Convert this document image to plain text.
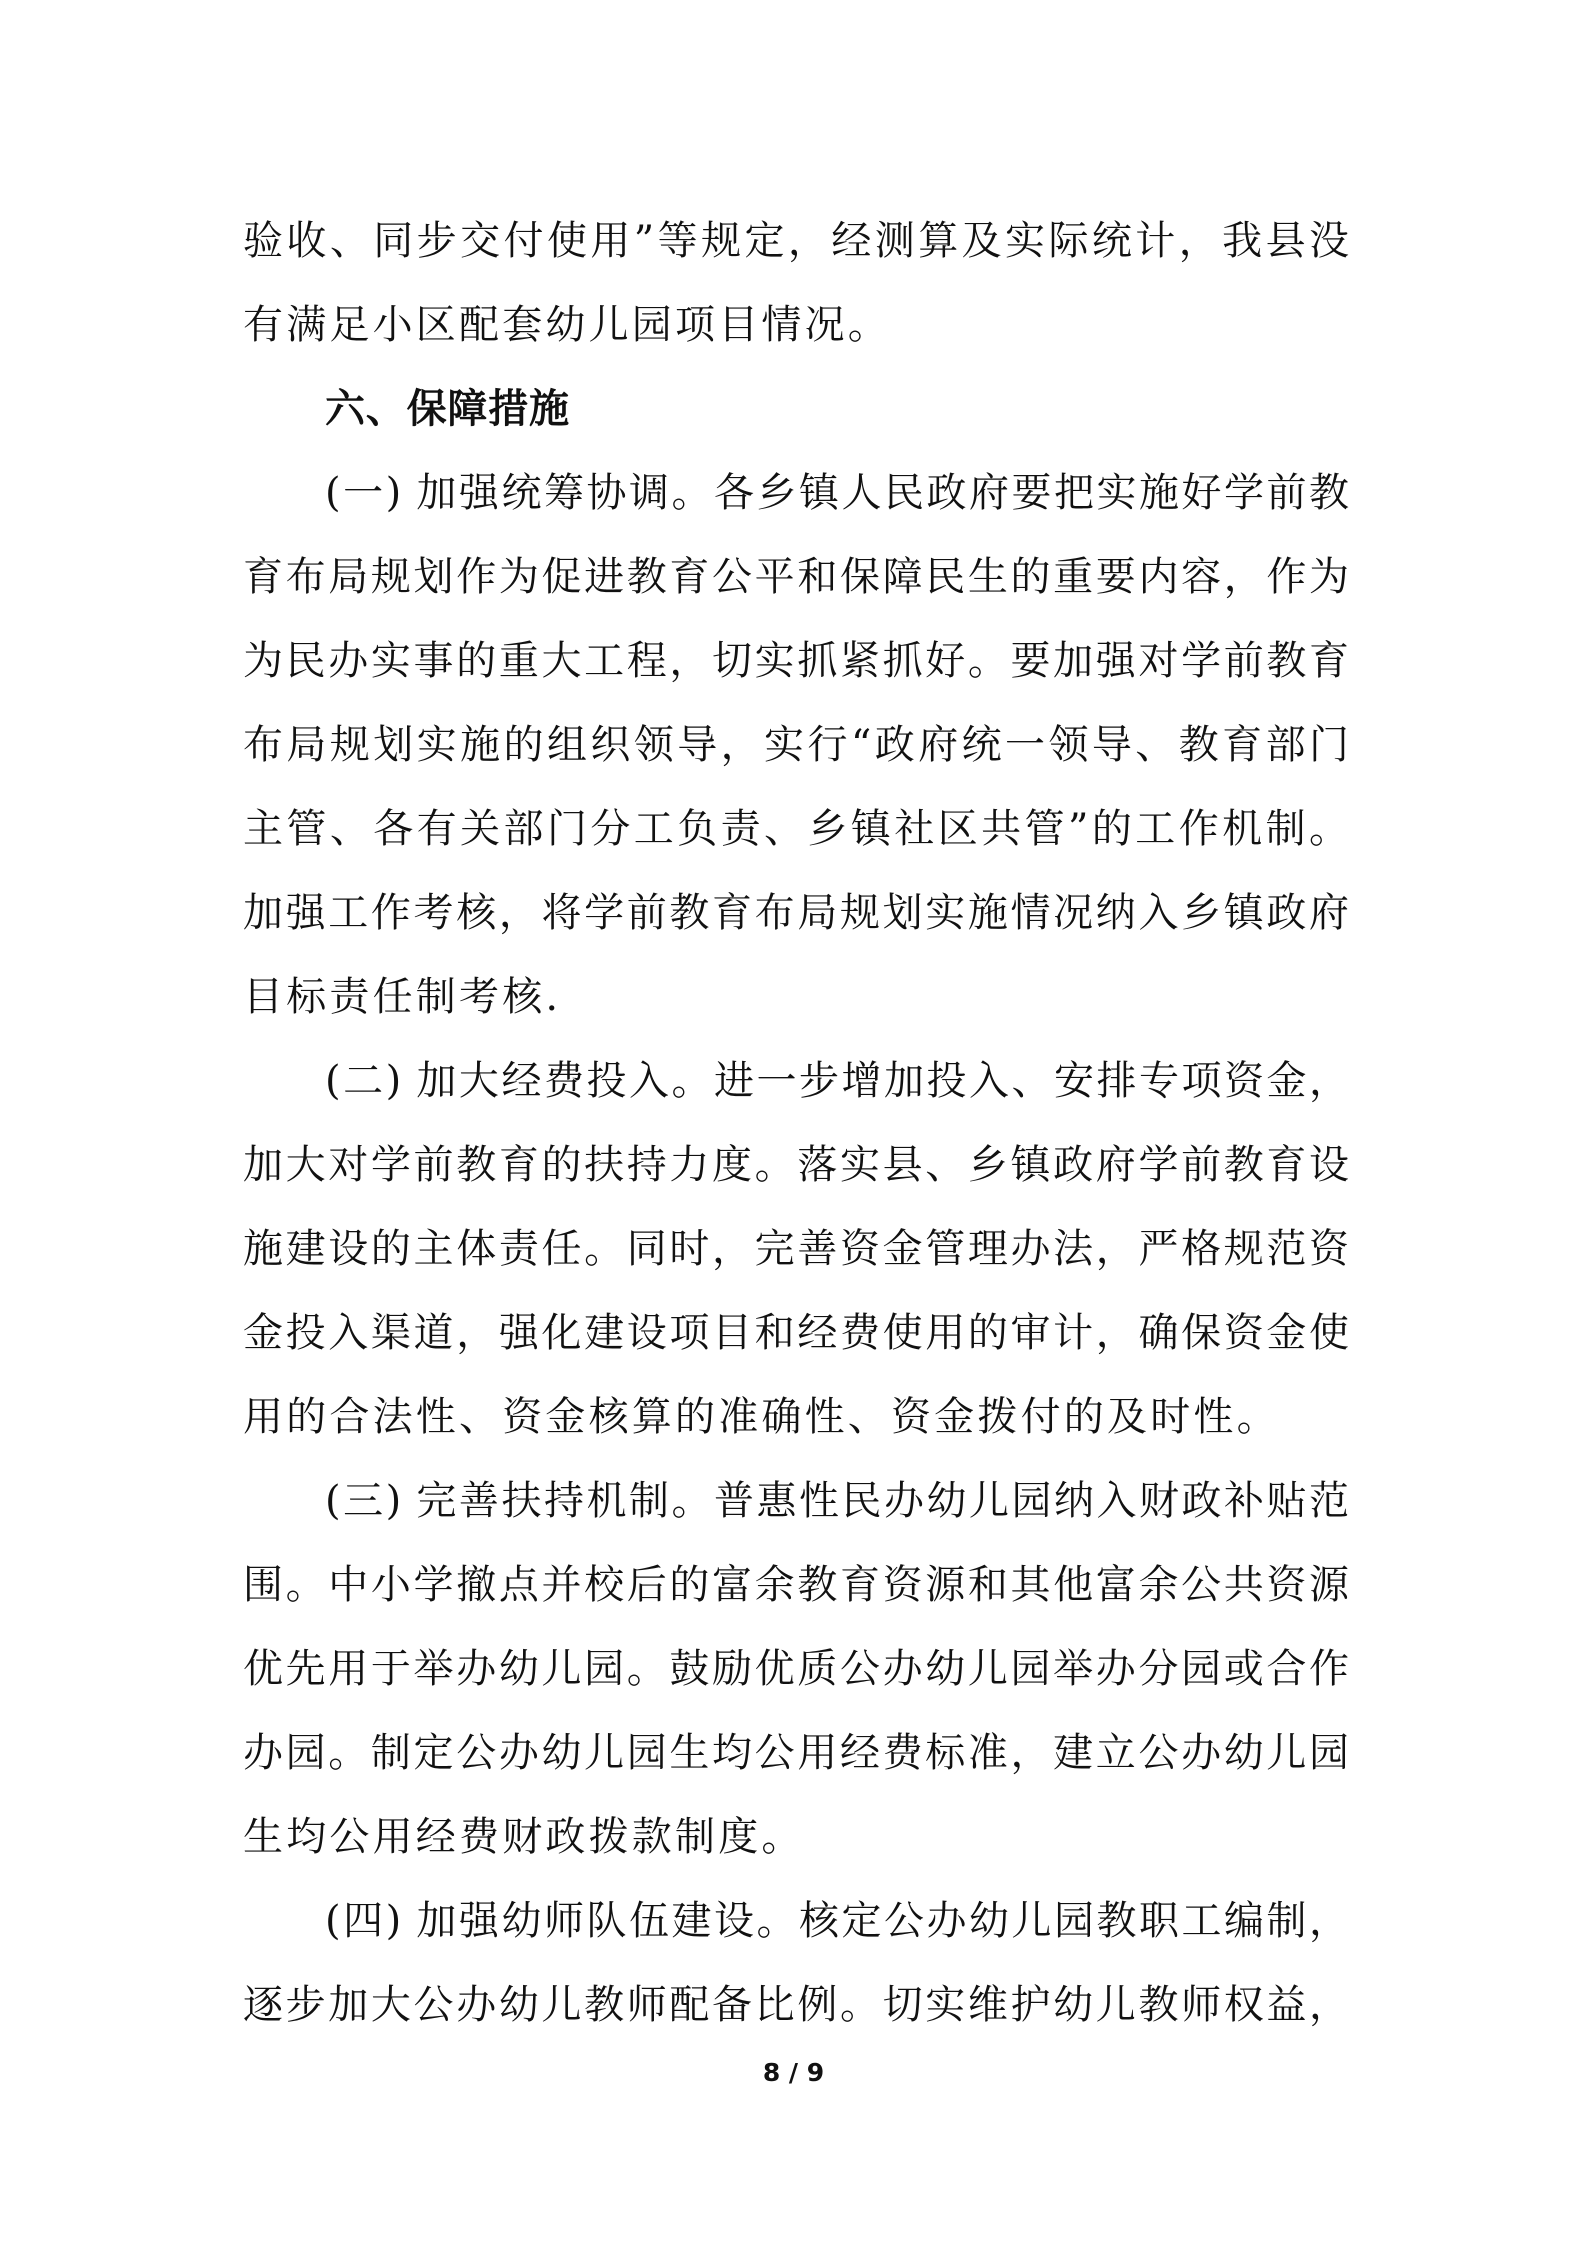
验收、同步交付使用”等规定，经测算及实际统计，我县没
有满足小区配套幼儿园项目情况。
六、保障措施
(一) 加强统筹协调。各乡镇人民政府要把实施好学前教
育布局规划作为促进教育公平和保障民生的重要内容，作为
为民办实事的重大工程，切实抓紧抓好。要加强对学前教育
布局规划实施的组织领导，实行“政府统一领导、教育部门
主管、各有关部门分工负责、乡镇社区共管”的工作机制。
加强工作考核，将学前教育布局规划实施情况纳入乡镇政府
目标责任制考核.
(二) 加大经费投入。进一步增加投入、安排专项资金，
加大对学前教育的扶持力度。落实县、乡镇政府学前教育设
施建设的主体责任。同时，完善资金管理办法，严格规范资
金投入渠道，强化建设项目和经费使用的审计，确保资金使
用的合法性、资金核算的准确性、资金拨付的及时性。
(三) 完善扶持机制。普惠性民办幼儿园纳入财政补贴范
围。中小学撤点并校后的富余教育资源和其他富余公共资源
优先用于举办幼儿园。鼓励优质公办幼儿园举办分园或合作
办园。制定公办幼儿园生均公用经费标准，建立公办幼儿园
生均公用经费财政拨款制度。
(四) 加强幼师队伍建设。核定公办幼儿园教职工编制，
逐步加大公办幼儿教师配备比例。切实维护幼儿教师权益，
8 / 9
